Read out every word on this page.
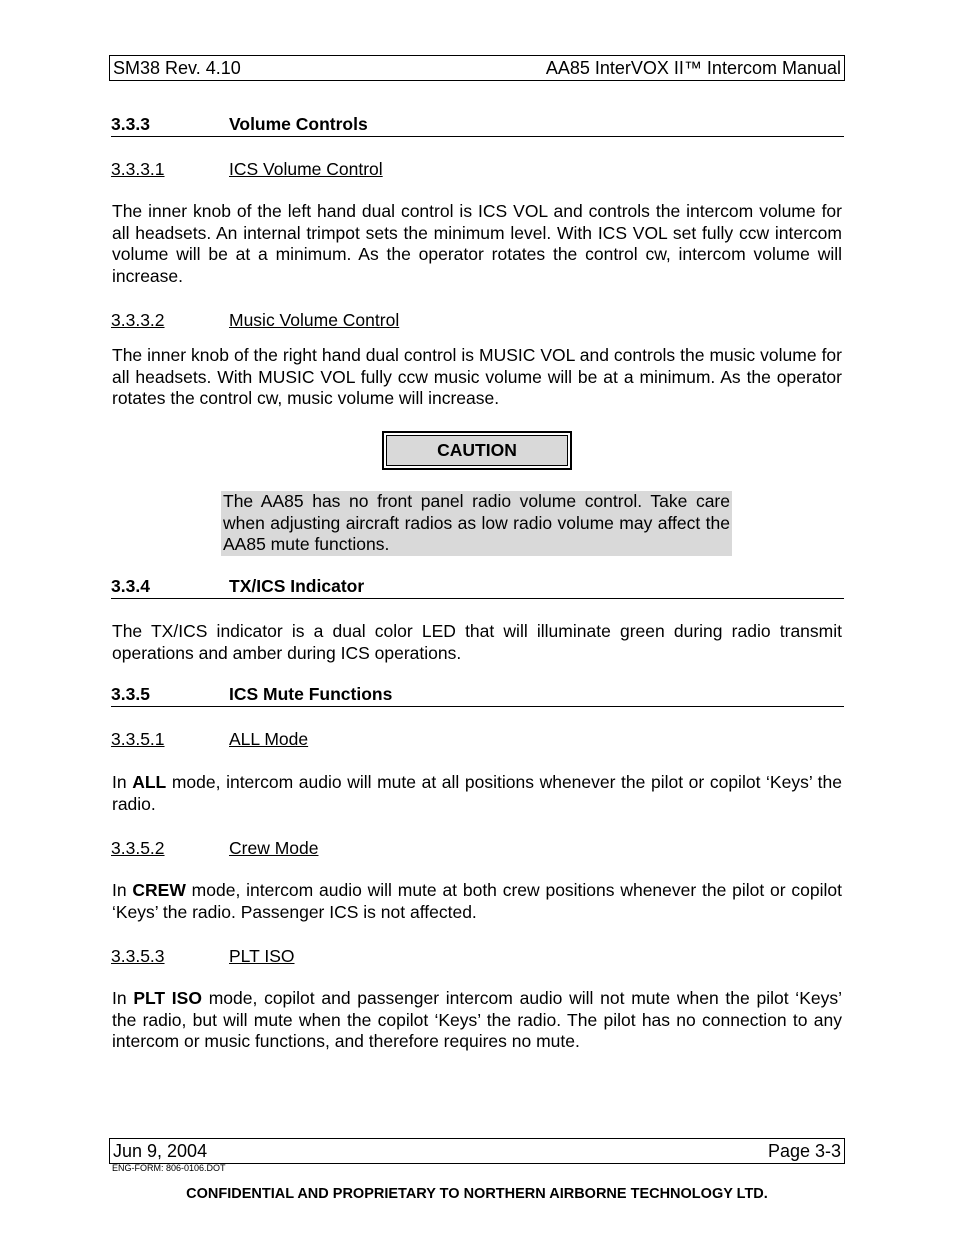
SM38 Rev. 4.10	AA85 InterVOX II™ Intercom Manual
3.3.3	Volume Controls
3.3.3.1	ICS Volume Control
The inner knob of the left hand dual control is ICS VOL and controls the intercom volume for all headsets. An internal trimpot sets the minimum level. With ICS VOL set fully ccw intercom volume will be at a minimum. As the operator rotates the control cw, intercom volume will increase.
3.3.3.2	Music Volume Control
The inner knob of the right hand dual control is MUSIC VOL and controls the music volume for all headsets. With MUSIC VOL fully ccw music volume will be at a minimum. As the operator rotates the control cw, music volume will increase.
CAUTION
The AA85 has no front panel radio volume control. Take care when adjusting aircraft radios as low radio volume may affect the AA85 mute functions.
3.3.4	TX/ICS Indicator
The TX/ICS indicator is a dual color LED that will illuminate green during radio transmit operations and amber during ICS operations.
3.3.5	ICS Mute Functions
3.3.5.1	ALL Mode
In ALL mode, intercom audio will mute at all positions whenever the pilot or copilot ‘Keys’ the radio.
3.3.5.2	Crew Mode
In CREW mode, intercom audio will mute at both crew positions whenever the pilot or copilot ‘Keys’ the radio. Passenger ICS is not affected.
3.3.5.3	PLT ISO
In PLT ISO mode, copilot and passenger intercom audio will not mute when the pilot ‘Keys’ the radio, but will mute when the copilot ‘Keys’ the radio. The pilot has no connection to any intercom or music functions, and therefore requires no mute.
Jun 9, 2004	Page 3-3
ENG-FORM: 806-0106.DOT
CONFIDENTIAL AND PROPRIETARY TO NORTHERN AIRBORNE TECHNOLOGY LTD.
